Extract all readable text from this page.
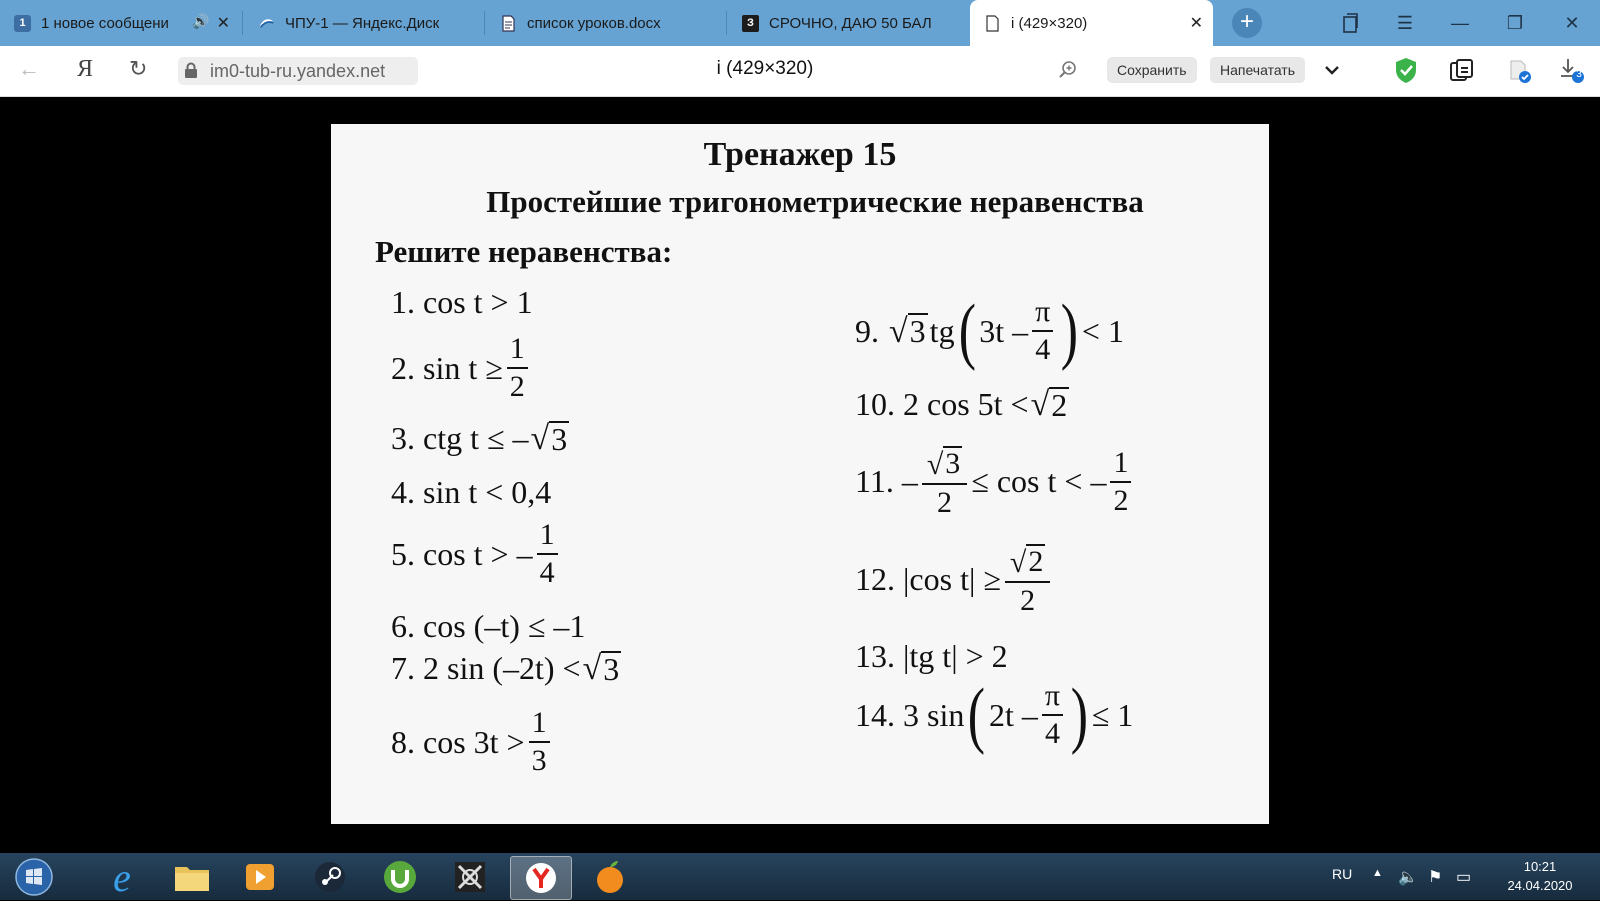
1	1 новое сообщени	🔊 ✕	ЧПУ-1 — Яндекс.Диск	список уроков.docx	З	СРОЧНО, ДАЮ 50 БАЛ	i (429×320)	✕	+	☰	—	❐	✕
← Я ↻	im0-tub-ru.yandex.net	i (429×320)	Сохранить	Напечатать	3
Тренажер 15
Простейшие тригонометрические неравенства
Решите неравенства:
1.
cos t > 1
2.
$\sin t \ge \frac{1}{2}$
3.
ctg t ≤ – √ 3
4.
sin t < 0,4
5.
cos t > – $\frac{1}{4}$
6.
cos (–t) ≤ –1
7.
2 sin (–2t) < √ 3
8.
$\cos 3t > \frac{1}{3}$
9.
√ 3 tg ( $3t - \frac{\pi}{4}$ ) < 1
10.
2 cos 5t < √ 2
11.
– $\frac{√ 3}{2} \le \cos t$ < – $\frac{1}{2}$
12.
|cos $t| \ge \frac{√ 2}{2}$
13.
|tg t| > 2
14.
3 sin ( $2t - \frac{\pi}{4}$ ) ≤ 1
e	RU ▲ 🔈 ⚑ ▭
10:21
24.04.2020
